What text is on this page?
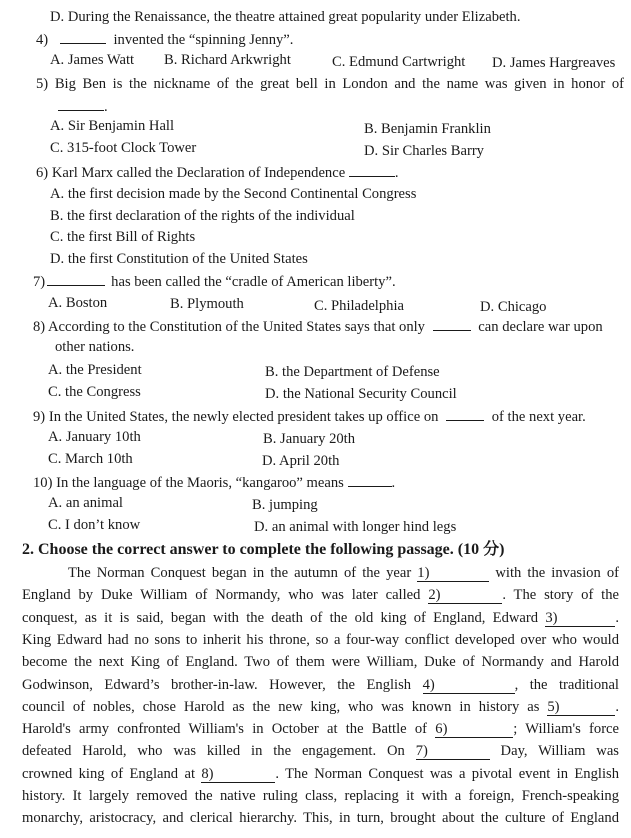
D. During the Renaissance, the theatre attained great popularity under Elizabeth.
4)	invented the “spinning Jenny”.
A. James Watt B. Richard Arkwright	C. Edmund Cartwright D. James Hargreaves
5) Big Ben is the nickname of the great bell in London and the name was given in honor of
.
A. Sir Benjamin Hall	B. Benjamin Franklin
C. 315-foot Clock Tower	D. Sir Charles Barry
6) Karl Marx called the Declaration of Independence	.
A. the first decision made by the Second Continental Congress
B. the first declaration of the rights of the individual
C. the first Bill of Rights
D. the first Constitution of the United States
7)	has been called the “cradle of American liberty”.
A. Boston	B. Plymouth	C. Philadelphia	D. Chicago
8) According to the Constitution of the United States says that only	can declare war upon
other nations.
A. the President	B. the Department of Defense
C. the Congress	D. the National Security Council
9) In the United States, the newly elected president takes up office on	of the next year.
A. January 10th	B. January 20th
C. March 10th	D. April 20th
10) In the language of the Maoris, “kangaroo” means	.
A. an animal	B. jumping
C. I don’t know	D. an animal with longer hind legs
2. Choose the correct answer to complete the following passage. (10 分)
The Norman Conquest began in the autumn of the year 1)	with the invasion of
England by Duke William of Normandy, who was later called 2)	. The story of the
conquest, as it is said, began with the death of the old king of England, Edward 3)	.
King Edward had no sons to inherit his throne, so a four-way conflict developed over who would
become the next King of England. Two of them were William, Duke of Normandy and Harold
Godwinson, Edward’s brother-in-law. However, the English 4)	, the traditional
council of nobles, chose Harold as the new king, who was known in history as 5)	.
Harold's army confronted William's in October at the Battle of 6)	; William's force
defeated Harold, who was killed in the engagement. On 7)	Day, William was
crowned king of England at 8)	. The Norman Conquest was a pivotal event in English
history. It largely removed the native ruling class, replacing it with a foreign, French-speaking
monarchy, aristocracy, and clerical hierarchy. This, in turn, brought about the culture of England
